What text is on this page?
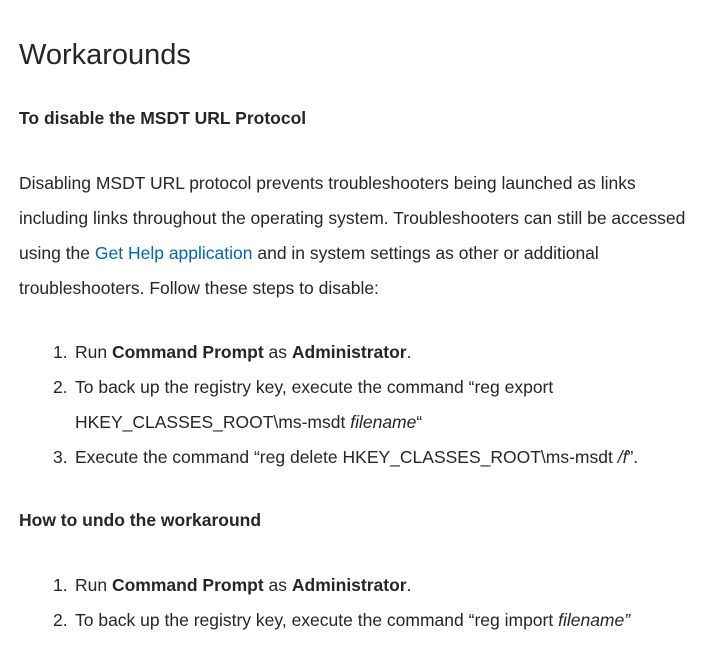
Workarounds
To disable the MSDT URL Protocol

Disabling MSDT URL protocol prevents troubleshooters being launched as links including links throughout the operating system. Troubleshooters can still be accessed using the Get Help application and in system settings as other or additional troubleshooters. Follow these steps to disable:

1. Run Command Prompt as Administrator.
2. To back up the registry key, execute the command “reg export HKEY_CLASSES_ROOT\ms-msdt filename“
3. Execute the command “reg delete HKEY_CLASSES_ROOT\ms-msdt /f”.
How to undo the workaround
1. Run Command Prompt as Administrator.
2. To back up the registry key, execute the command “reg import filename”
